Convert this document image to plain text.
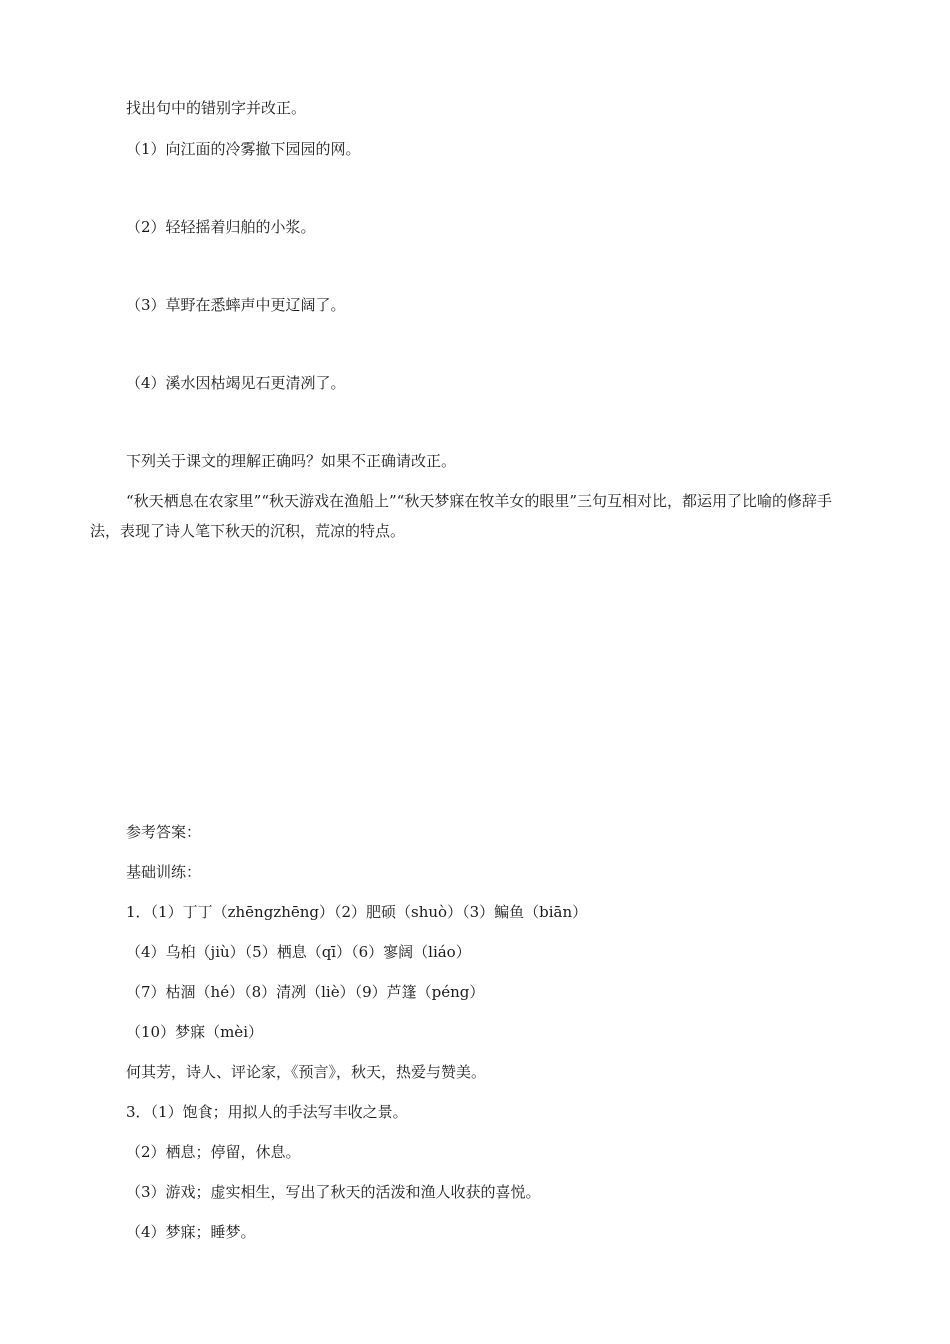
找出句中的错别字并改正。
（1）向江面的冷雾撤下园园的网。
（2）轻轻摇着归舶的小浆。
（3）草野在悉蟀声中更辽阔了。
（4）溪水因枯竭见石更清冽了。
下列关于课文的理解正确吗？如果不正确请改正。
“秋天栖息在农家里”“秋天游戏在渔船上”“秋天梦寐在牧羊女的眼里”三句互相对比，都运用了比喻的修辞手法，表现了诗人笔下秋天的沉积，荒凉的特点。
参考答案：
基础训练：
1．（1）丁丁（zhēngzhēng）（2）肥硕（shuò）（3）鳊鱼（biān）
（4）乌桕（jiù）（5）栖息（qī）（6）寥阔（liáo）
（7）枯涸（hé）（8）清冽（liè）（9）芦篷（péng）
（10）梦寐（mèi）
何其芳，诗人、评论家，《预言》，秋天，热爱与赞美。
3．（1）饱食；用拟人的手法写丰收之景。
（2）栖息；停留，休息。
（3）游戏；虚实相生，写出了秋天的活泼和渔人收获的喜悦。
（4）梦寐；睡梦。
